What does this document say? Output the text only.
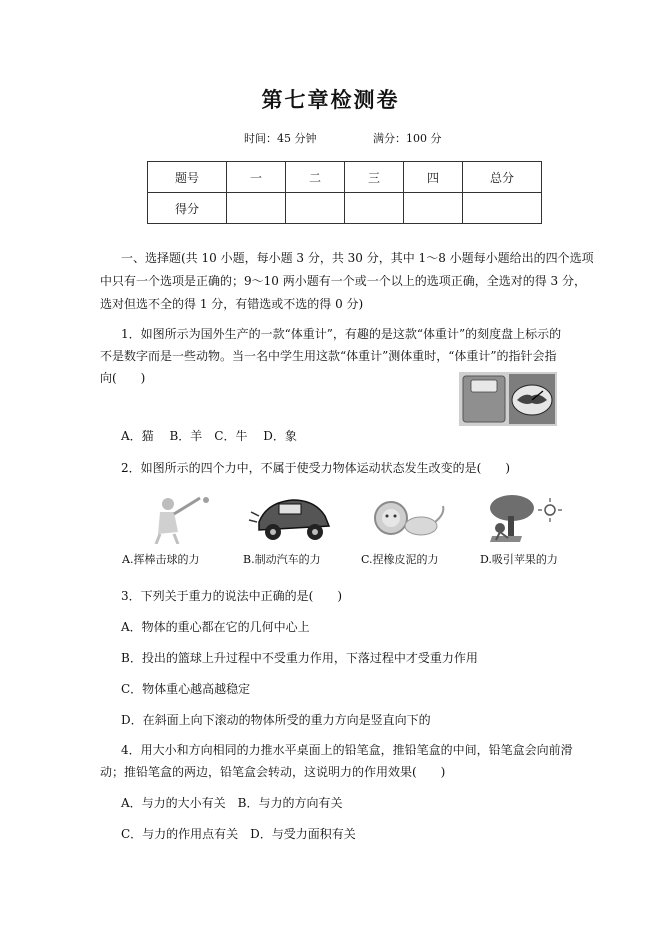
第七章检测卷
时间：45 分钟	满分：100 分
题号	一	二	三	四	总分
得分					
一、选择题(共 10 小题，每小题 3 分，共 30 分，其中 1～8 小题每小题给出的四个选项
中只有一个选项是正确的；9～10 两小题有一个或一个以上的选项正确，全选对的得 3 分，
选对但选不全的得 1 分，有错选或不选的得 0 分)
1．如图所示为国外生产的一款“体重计”，有趣的是这款“体重计”的刻度盘上标示的
不是数字而是一些动物。当一名中学生用这款“体重计”测体重时，“体重计”的指针会指
向(　　)
A．猫　 B．羊　C．牛　 D．象
2．如图所示的四个力中，不属于使受力物体运动状态发生改变的是(　　)
A.挥棒击球的力	B.制动汽车的力	C.捏橡皮泥的力	D.吸引苹果的力
3．下列关于重力的说法中正确的是(　　)
A．物体的重心都在它的几何中心上
B．投出的篮球上升过程中不受重力作用，下落过程中才受重力作用
C．物体重心越高越稳定
D．在斜面上向下滚动的物体所受的重力方向是竖直向下的
4．用大小和方向相同的力推水平桌面上的铅笔盒，推铅笔盒的中间，铅笔盒会向前滑
动；推铅笔盒的两边，铅笔盒会转动，这说明力的作用效果(　　)
A．与力的大小有关　B．与力的方向有关
C．与力的作用点有关　D．与受力面积有关
